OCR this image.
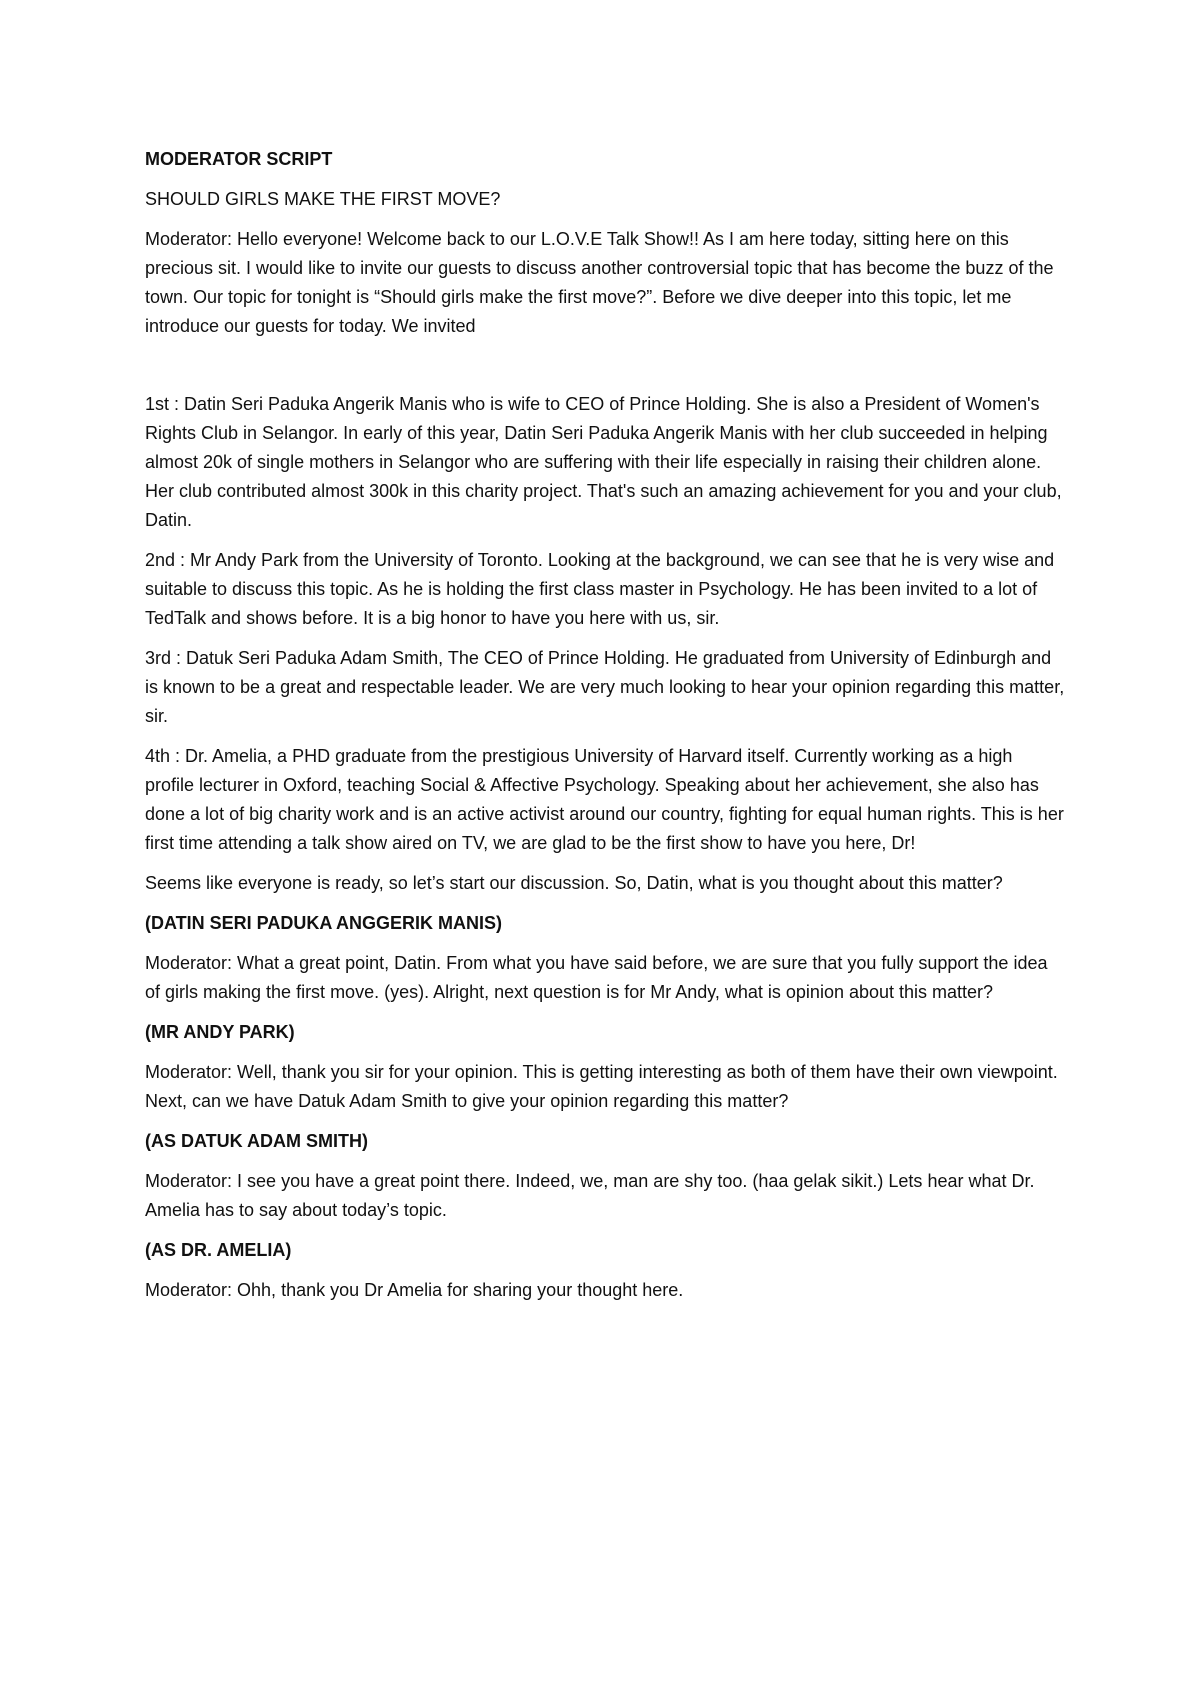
MODERATOR SCRIPT

SHOULD GIRLS MAKE THE FIRST MOVE?

Moderator: Hello everyone! Welcome back to our L.O.V.E Talk Show!! As I am here today, sitting here on this precious sit. I would like to invite our guests to discuss another controversial topic that has become the buzz of the town. Our topic for tonight is “Should girls make the first move?”. Before we dive deeper into this topic, let me introduce our guests for today. We invited

1st : Datin Seri Paduka Angerik Manis who is wife to CEO of Prince Holding. She is also a President of Women's Rights Club in Selangor. In early of this year, Datin Seri Paduka Angerik Manis with her club succeeded in helping almost 20k of single mothers in Selangor who are suffering with their life especially in raising their children alone. Her club contributed almost 300k in this charity project. That's such an amazing achievement for you and your club, Datin.

2nd : Mr Andy Park from the University of Toronto. Looking at the background, we can see that he is very wise and suitable to discuss this topic. As he is holding the first class master in Psychology. He has been invited to a lot of TedTalk and shows before. It is a big honor to have you here with us, sir.

3rd : Datuk Seri Paduka Adam Smith, The CEO of Prince Holding. He graduated from University of Edinburgh and is known to be a great and respectable leader. We are very much looking to hear your opinion regarding this matter, sir.

4th : Dr. Amelia, a PHD graduate from the prestigious University of Harvard itself. Currently working as a high profile lecturer in Oxford, teaching Social & Affective Psychology. Speaking about her achievement, she also has done a lot of big charity work and is an active activist around our country, fighting for equal human rights. This is her first time attending a talk show aired on TV, we are glad to be the first show to have you here, Dr!

Seems like everyone is ready, so let’s start our discussion. So, Datin, what is you thought about this matter?

(DATIN SERI PADUKA ANGGERIK MANIS)

Moderator: What a great point, Datin. From what you have said before, we are sure that you fully support the idea of girls making the first move. (yes). Alright, next question is for Mr Andy, what is opinion about this matter?

(MR ANDY PARK)

Moderator: Well, thank you sir for your opinion. This is getting interesting as both of them have their own viewpoint. Next, can we have Datuk Adam Smith to give your opinion regarding this matter?

(AS DATUK ADAM SMITH)

Moderator: I see you have a great point there. Indeed, we, man are shy too. (haa gelak sikit.) Lets hear what Dr. Amelia has to say about today’s topic.

(AS DR. AMELIA)

Moderator: Ohh, thank you Dr Amelia for sharing your thought here.
